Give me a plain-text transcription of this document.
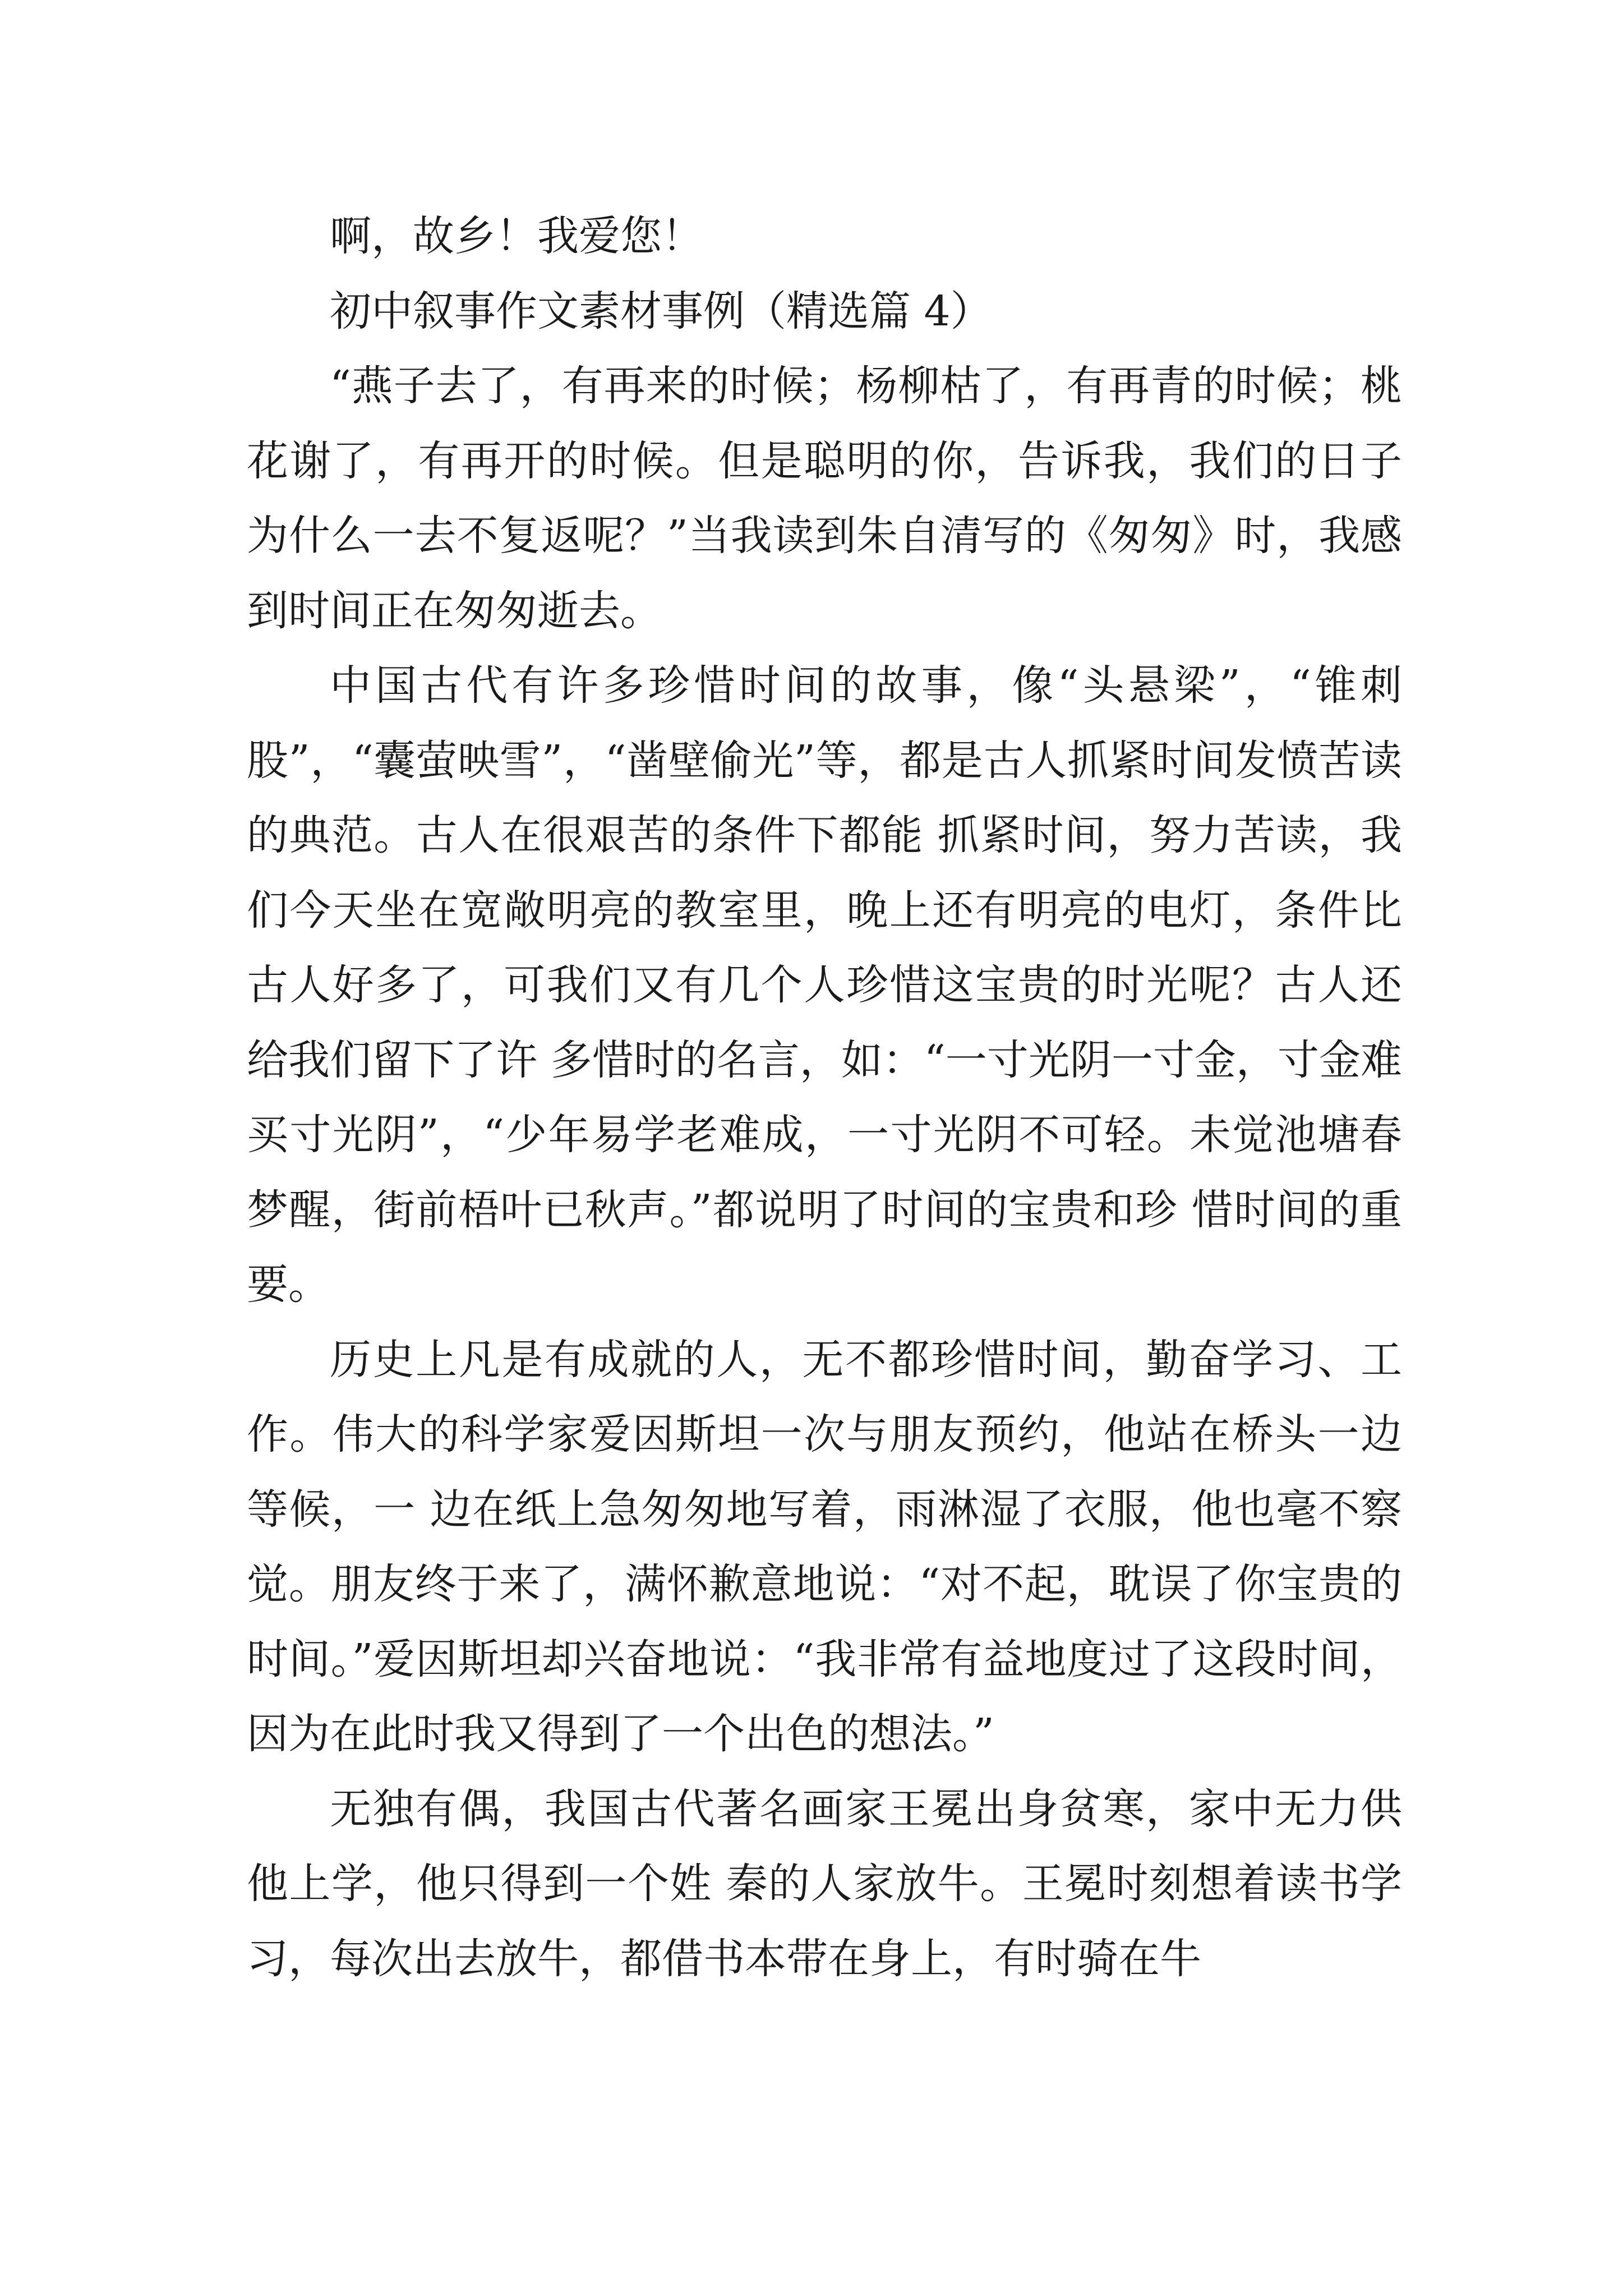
啊，故乡！我爱您！

初中叙事作文素材事例（精选篇 4）

“燕子去了，有再来的时候；杨柳枯了，有再青的时候；桃花谢了，有再开的时候。但是聪明的你，告诉我，我们的日子为什么一去不复返呢？”当我读到朱自清写的《匆匆》时，我感到时间正在匆匆逝去。

中国古代有许多珍惜时间的故事，像“头悬梁”，“锥刺股”，“囊萤映雪”，“凿壁偷光”等，都是古人抓紧时间发愤苦读的典范。古人在很艰苦的条件下都能 抓紧时间，努力苦读，我们今天坐在宽敞明亮的教室里，晚上还有明亮的电灯，条件比古人好多了，可我们又有几个人珍惜这宝贵的时光呢？古人还给我们留下了许 多惜时的名言，如：“一寸光阴一寸金，寸金难买寸光阴”，“少年易学老难成，一寸光阴不可轻。未觉池塘春梦醒，街前梧叶已秋声。”都说明了时间的宝贵和珍 惜时间的重要。

历史上凡是有成就的人，无不都珍惜时间，勤奋学习、工作。伟大的科学家爱因斯坦一次与朋友预约，他站在桥头一边等候，一 边在纸上急匆匆地写着，雨淋湿了衣服，他也毫不察觉。朋友终于来了，满怀歉意地说：“对不起，耽误了你宝贵的时间。”爱因斯坦却兴奋地说：“我非常有益地度过了这段时间，因为在此时我又得到了一个出色的想法。”

无独有偶，我国古代著名画家王冕出身贫寒，家中无力供他上学，他只得到一个姓 秦的人家放牛。王冕时刻想着读书学习，每次出去放牛，都借书本带在身上，有时骑在牛
